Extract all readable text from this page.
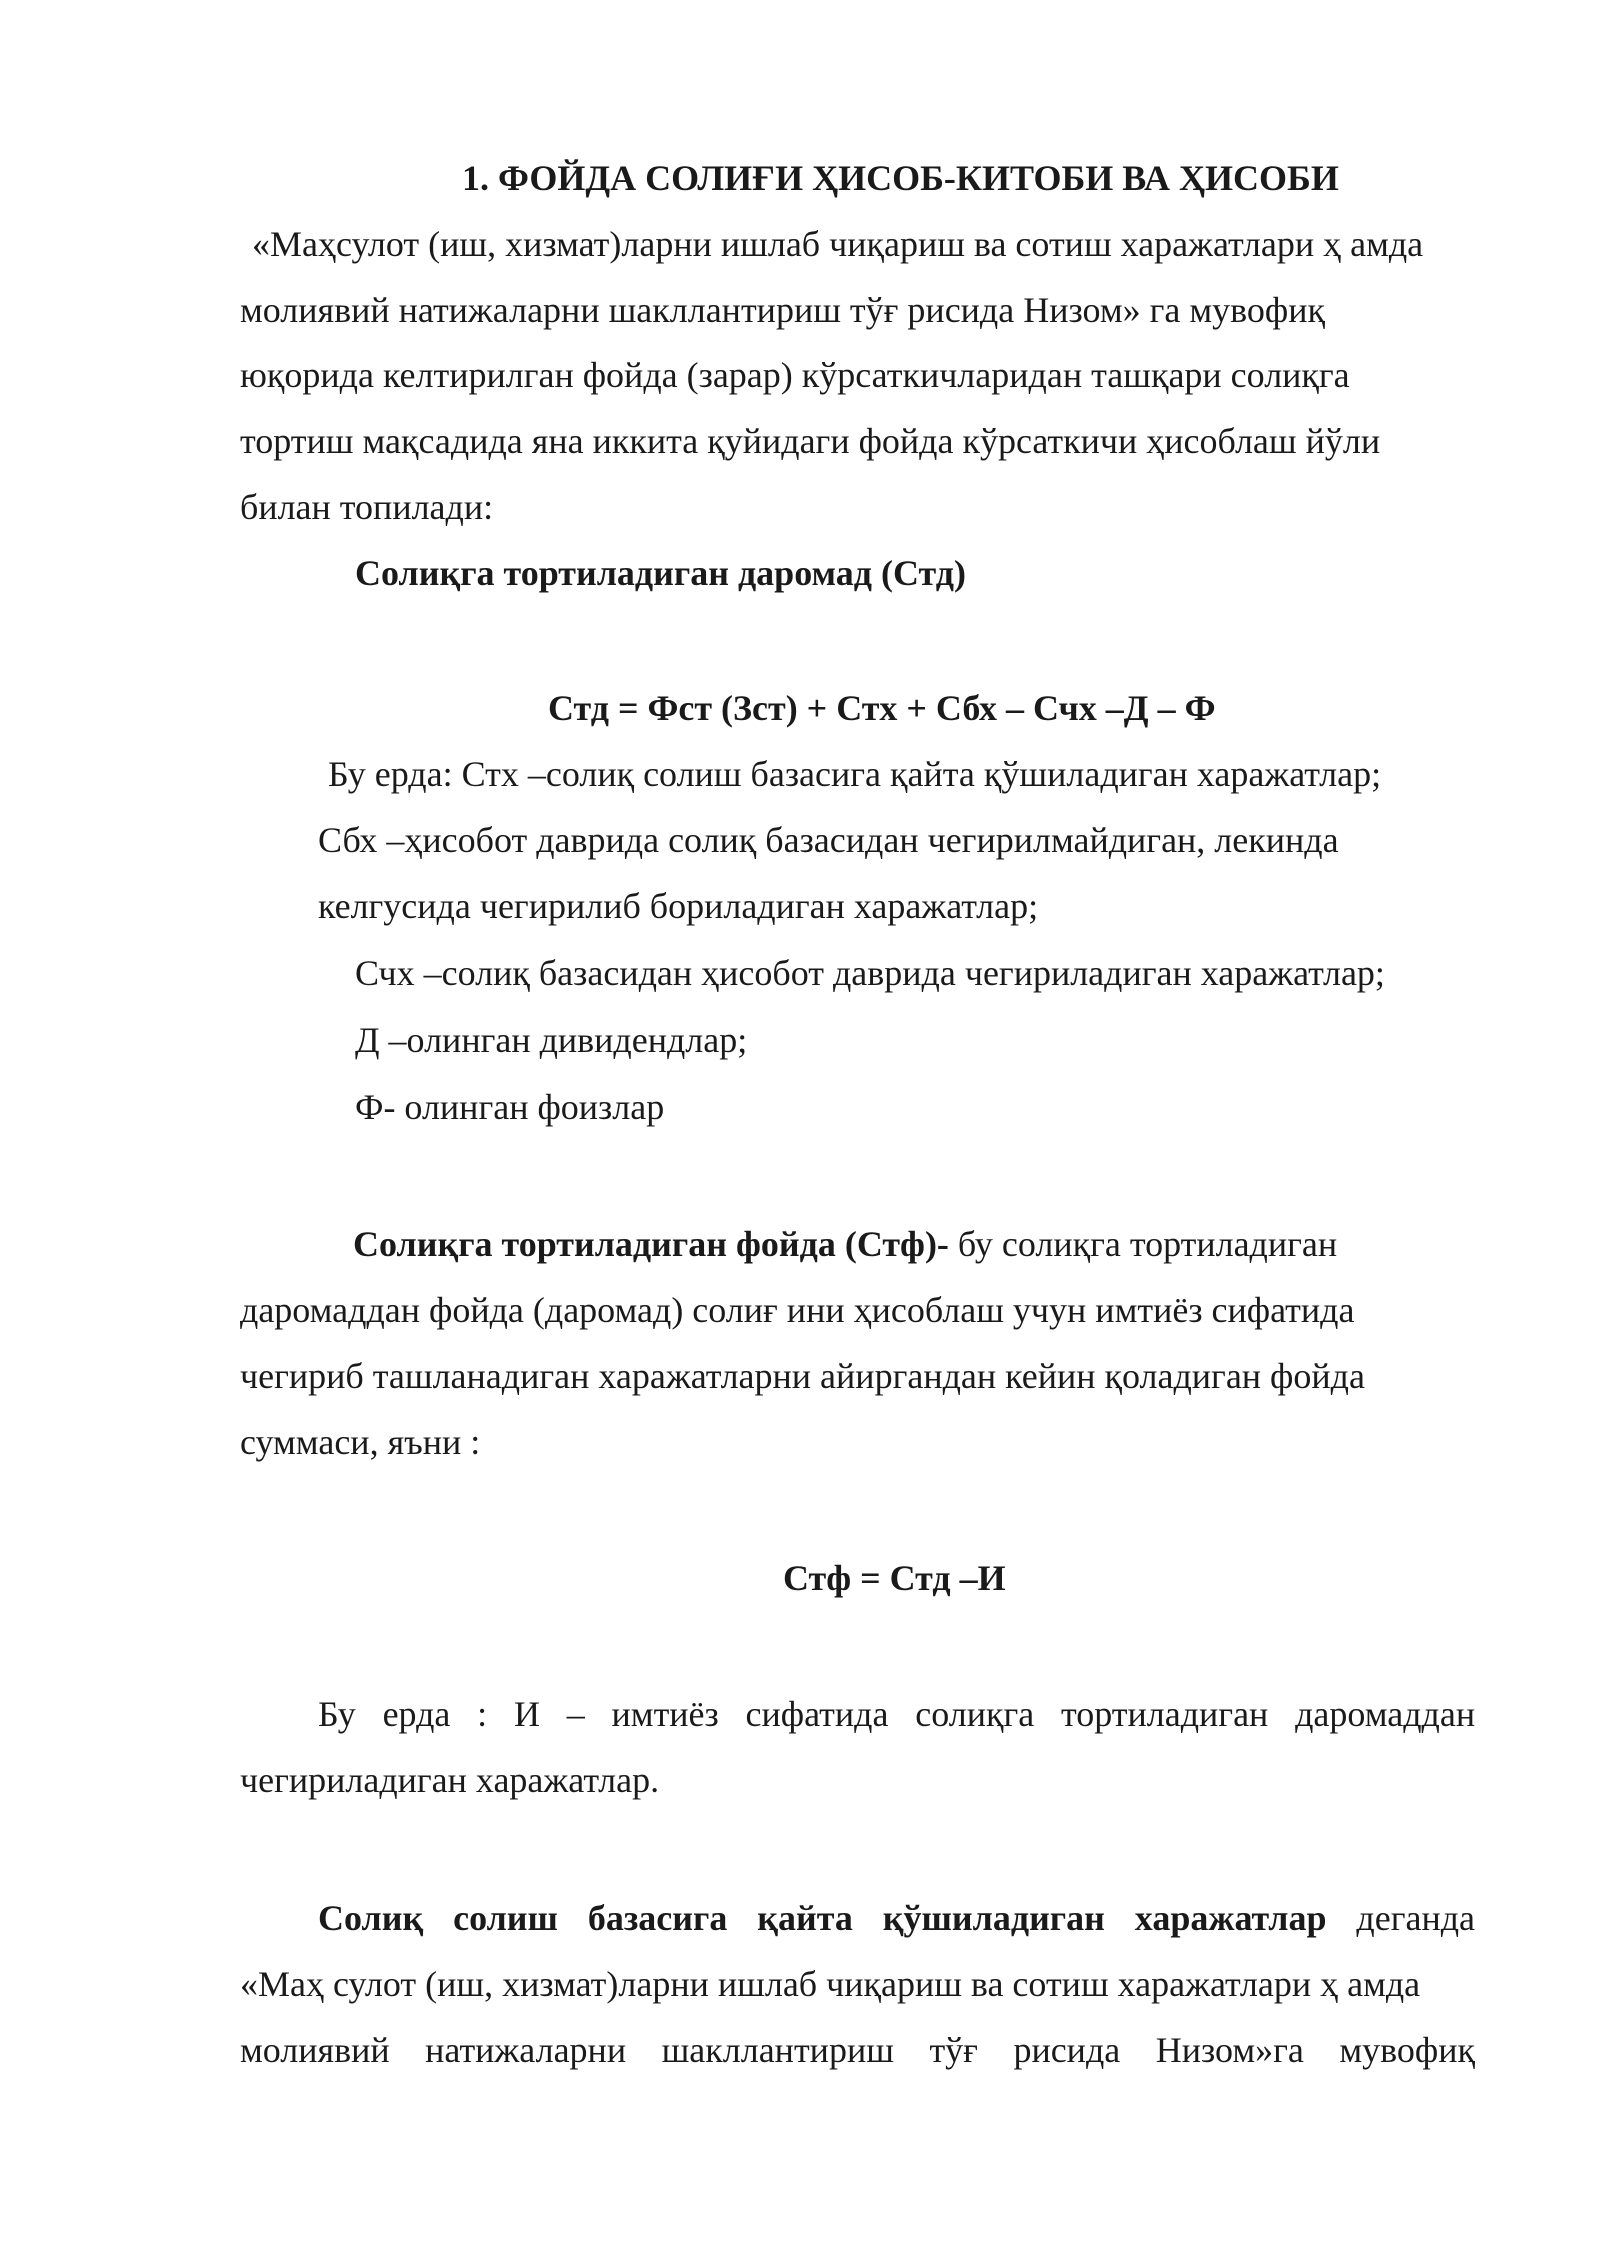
1. ФОЙДА СОЛИҒИ ҲИСОБ-КИТОБИ ВА ҲИСОБИ
«Маҳсулот (иш, хизмат)ларни ишлаб чиқариш ва сотиш харажатлари ҳ амда
молиявий натижаларни шакллантириш тўғ рисида Низом» га мувофиқ
юқорида келтирилган фойда (зарар) кўрсаткичларидан ташқари солиқга
тортиш мақсадида яна иккита қуйидаги фойда кўрсаткичи ҳисоблаш йўли
билан топилади:
Солиқга тортиладиган даромад (Стд)
Стд = Фст (Зст) + Стх + Сбх – Счх –Д – Ф
Бу ерда: Стх –солиқ солиш базасига қайта қўшиладиган харажатлар;
Сбх –ҳисобот даврида солиқ базасидан чегирилмайдиган, лекинда
келгусида чегирилиб бориладиган харажатлар;
Счх –солиқ базасидан ҳисобот даврида чегириладиган харажатлар;
Д –олинган дивидендлар;
Ф- олинган фоизлар
Солиқга тортиладиган фойда (Стф)- бу солиқга тортиладиган
даромаддан фойда (даромад) солиғ ини ҳисоблаш учун имтиёз сифатида
чегириб ташланадиган харажатларни айиргандан кейин қоладиган фойда
суммаси, яъни :
Стф = Стд –И
Бу ерда : И – имтиёз сифатида солиқга тортиладиган даромаддан
чегириладиган харажатлар.
Солиқ солиш базасига қайта қўшиладиган харажатлар деганда
«Маҳ сулот (иш, хизмат)ларни ишлаб чиқариш ва сотиш харажатлари ҳ амда
молиявий натижаларни шакллантириш тўғ рисида Низом»га мувофиқ
